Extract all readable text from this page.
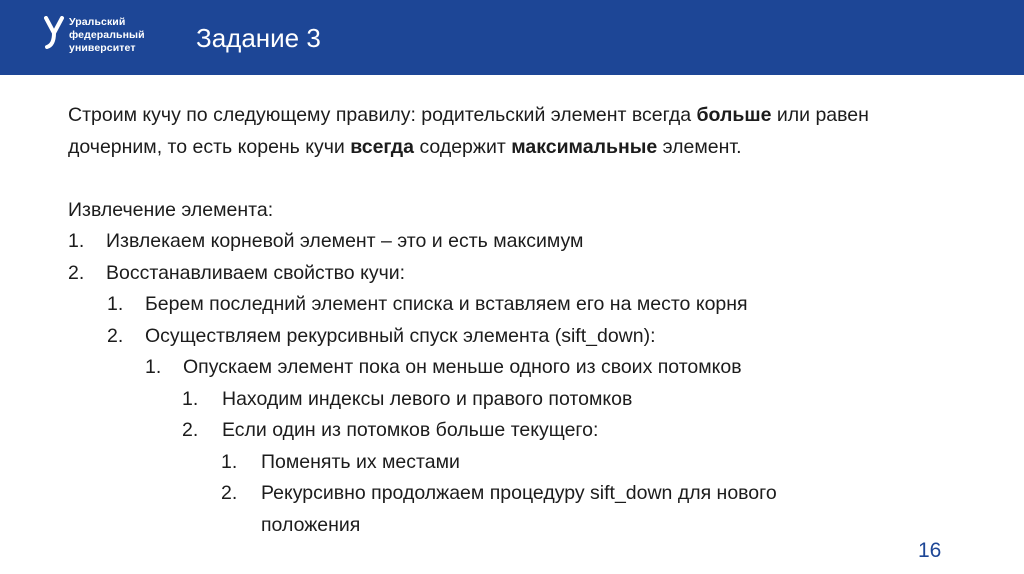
Уральский
федеральный
университет	Задание 3

Строим кучу по следующему правилу: родительский элемент всегда больше или равен дочерним, то есть корень кучи всегда содержит максимальные элемент.

Извлечение элемента:
1.	Извлекаем корневой элемент – это и есть максимум
2.	Восстанавливаем свойство кучи:
1.	Берем последний элемент списка и вставляем его на место корня
2.	Осуществляем рекурсивный спуск элемента (sift_down):
1.	Опускаем элемент пока он меньше одного из своих потомков
1.	Находим индексы левого и правого потомков
2.	Если один из потомков больше текущего:
1.	Поменять их местами
2.	Рекурсивно продолжаем процедуру sift_down для нового
положения
16
